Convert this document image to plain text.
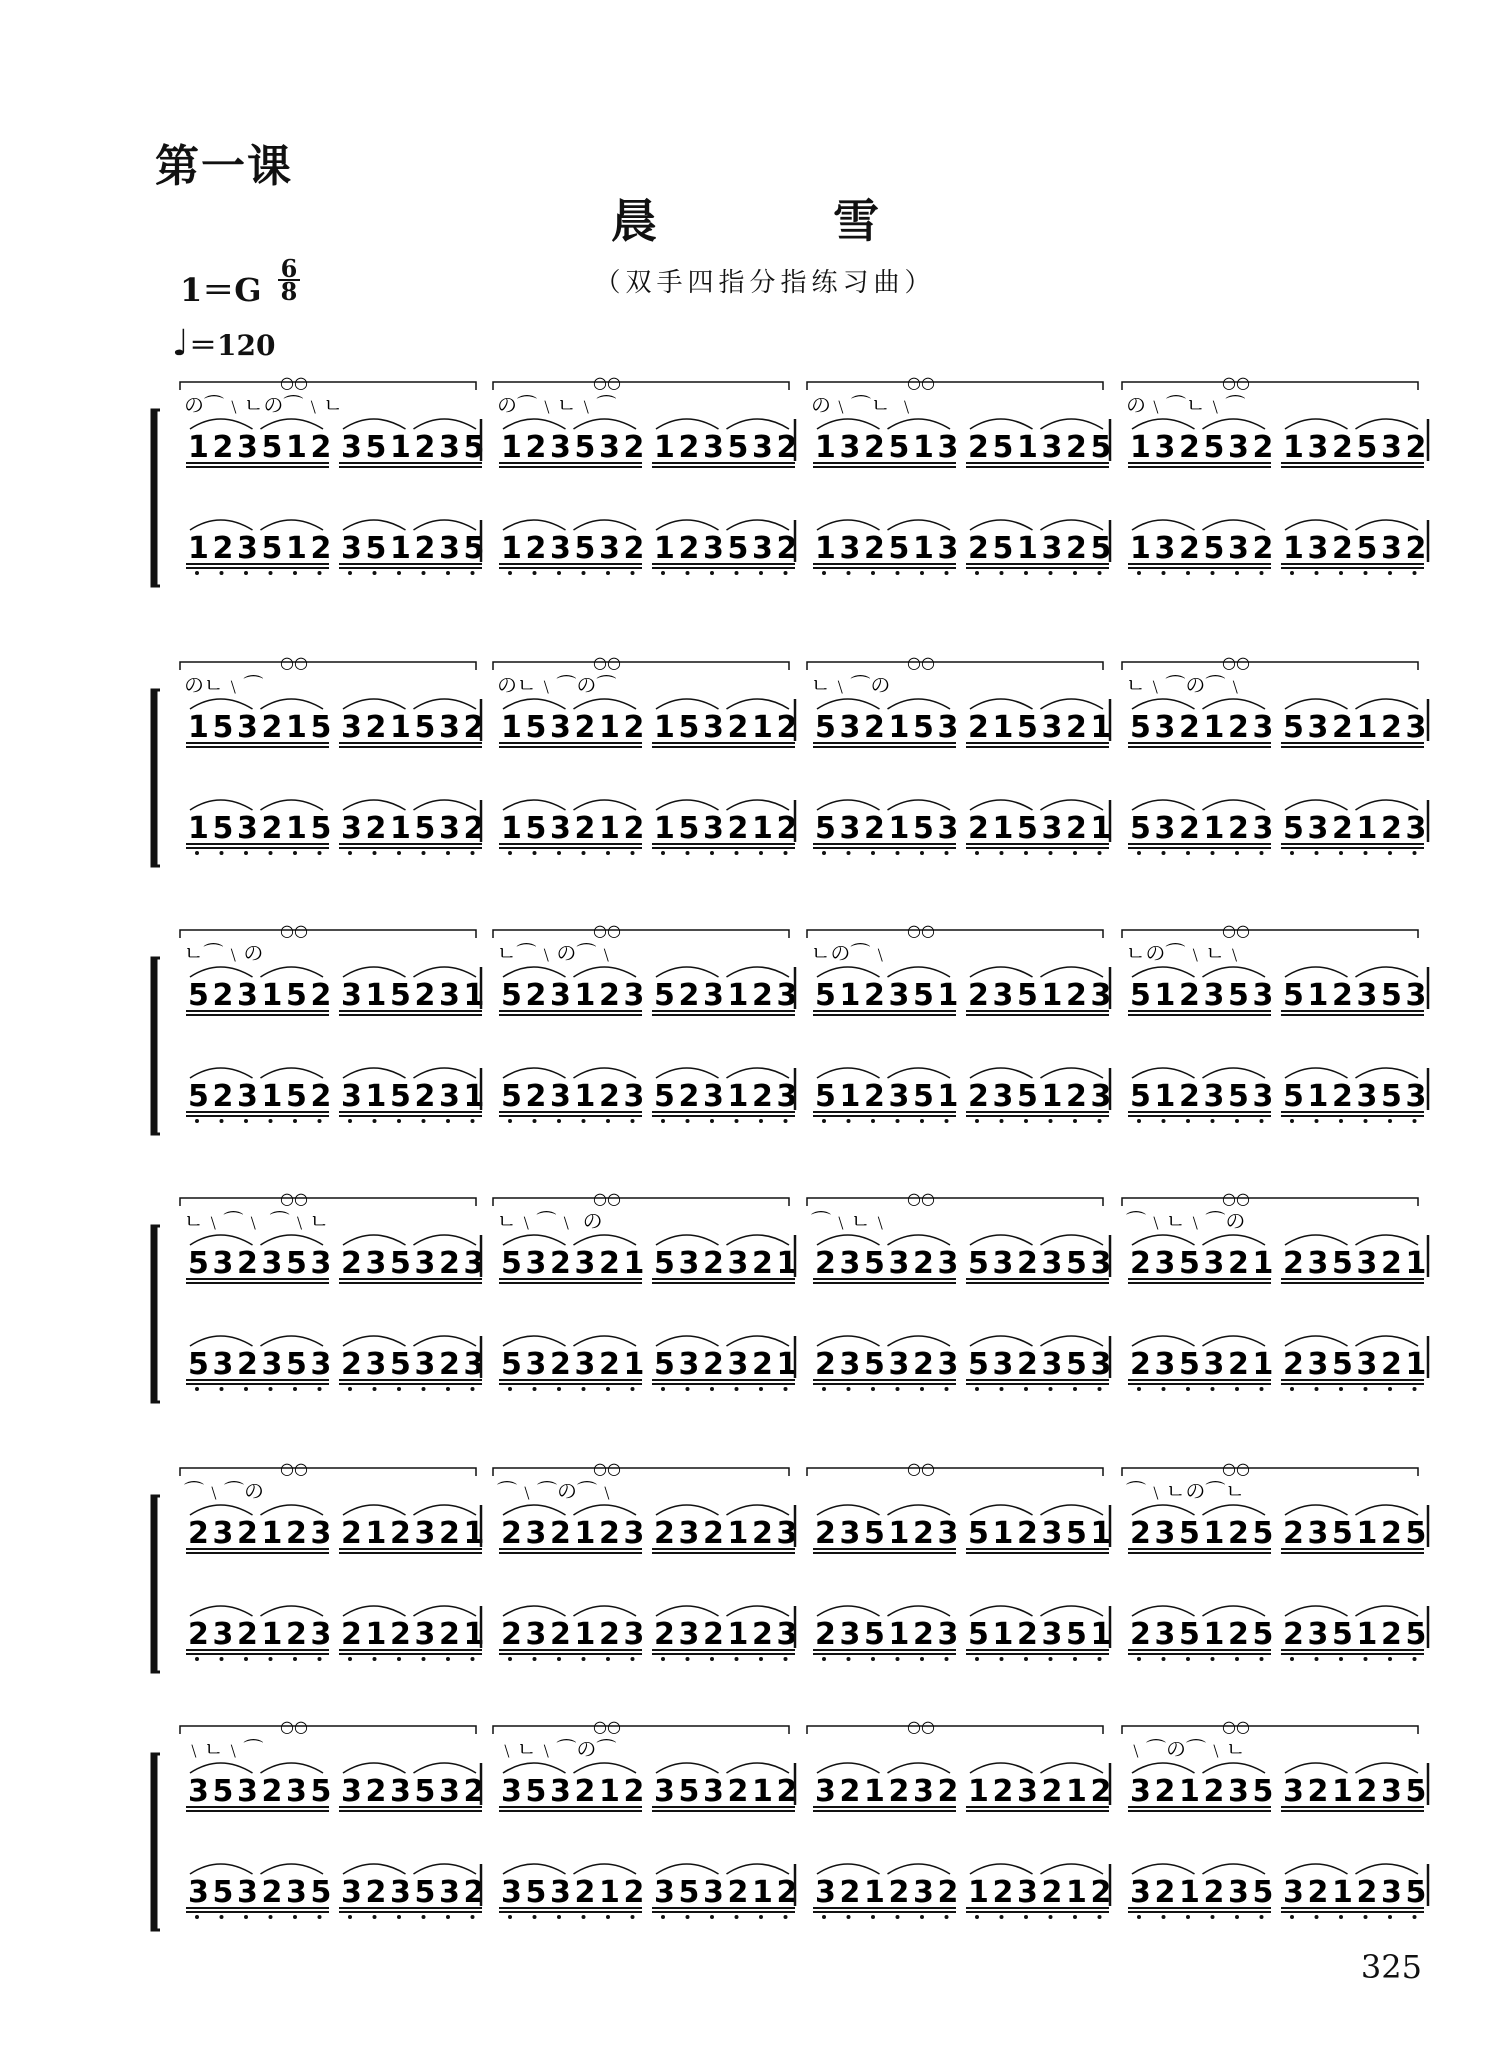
第一课
晨 雪
（双手四指分指练习曲）
1＝G
6
8
♩＝120
○○
の⌒﹨ㄴの⌒﹨ㄴ
1 2 3 5 1 2 3 5 1 2 3 5
1 2 3 5 1 2 3 5 1 2 3 5
○○
の⌒﹨ㄴ﹨⌒
1 2 3 5 3 2 1 2 3 5 3 2
1 2 3 5 3 2 1 2 3 5 3 2
○○
の﹨⌒ㄴ ﹨
1 3 2 5 1 3 2 5 1 3 2 5
1 3 2 5 1 3 2 5 1 3 2 5
○○
の﹨⌒ㄴ﹨⌒
1 3 2 5 3 2 1 3 2 5 3 2
1 3 2 5 3 2 1 3 2 5 3 2
○○
のㄴ﹨⌒
1 5 3 2 1 5 3 2 1 5 3 2
1 5 3 2 1 5 3 2 1 5 3 2
○○
のㄴ﹨⌒の⌒
1 5 3 2 1 2 1 5 3 2 1 2
1 5 3 2 1 2 1 5 3 2 1 2
○○
ㄴ﹨⌒の
5 3 2 1 5 3 2 1 5 3 2 1
5 3 2 1 5 3 2 1 5 3 2 1
○○
ㄴ﹨⌒の⌒﹨
5 3 2 1 2 3 5 3 2 1 2 3
5 3 2 1 2 3 5 3 2 1 2 3
○○
ㄴ⌒﹨の
5 2 3 1 5 2 3 1 5 2 3 1
5 2 3 1 5 2 3 1 5 2 3 1
○○
ㄴ⌒﹨の⌒﹨
5 2 3 1 2 3 5 2 3 1 2 3
5 2 3 1 2 3 5 2 3 1 2 3
○○
ㄴの⌒﹨
5 1 2 3 5 1 2 3 5 1 2 3
5 1 2 3 5 1 2 3 5 1 2 3
○○
ㄴの⌒﹨ㄴ﹨
5 1 2 3 5 3 5 1 2 3 5 3
5 1 2 3 5 3 5 1 2 3 5 3
○○
ㄴ﹨⌒﹨ ⌒﹨ㄴ
5 3 2 3 5 3 2 3 5 3 2 3
5 3 2 3 5 3 2 3 5 3 2 3
○○
ㄴ﹨⌒﹨ の
5 3 2 3 2 1 5 3 2 3 2 1
5 3 2 3 2 1 5 3 2 3 2 1
○○
⌒﹨ㄴ﹨
2 3 5 3 2 3 5 3 2 3 5 3
2 3 5 3 2 3 5 3 2 3 5 3
○○
⌒﹨ㄴ﹨⌒の
2 3 5 3 2 1 2 3 5 3 2 1
2 3 5 3 2 1 2 3 5 3 2 1
○○
⌒﹨⌒の
2 3 2 1 2 3 2 1 2 3 2 1
2 3 2 1 2 3 2 1 2 3 2 1
○○
⌒﹨⌒の⌒﹨
2 3 2 1 2 3 2 3 2 1 2 3
2 3 2 1 2 3 2 3 2 1 2 3
○○
2 3 5 1 2 3 5 1 2 3 5 1
2 3 5 1 2 3 5 1 2 3 5 1
○○
⌒﹨ㄴの⌒ㄴ
2 3 5 1 2 5 2 3 5 1 2 5
2 3 5 1 2 5 2 3 5 1 2 5
○○
﹨ㄴ﹨⌒
3 5 3 2 3 5 3 2 3 5 3 2
3 5 3 2 3 5 3 2 3 5 3 2
○○
﹨ㄴ﹨⌒の⌒
3 5 3 2 1 2 3 5 3 2 1 2
3 5 3 2 1 2 3 5 3 2 1 2
○○
3 2 1 2 3 2 1 2 3 2 1 2
3 2 1 2 3 2 1 2 3 2 1 2
○○
﹨⌒の⌒﹨ㄴ
3 2 1 2 3 5 3 2 1 2 3 5
3 2 1 2 3 5 3 2 1 2 3 5
325
